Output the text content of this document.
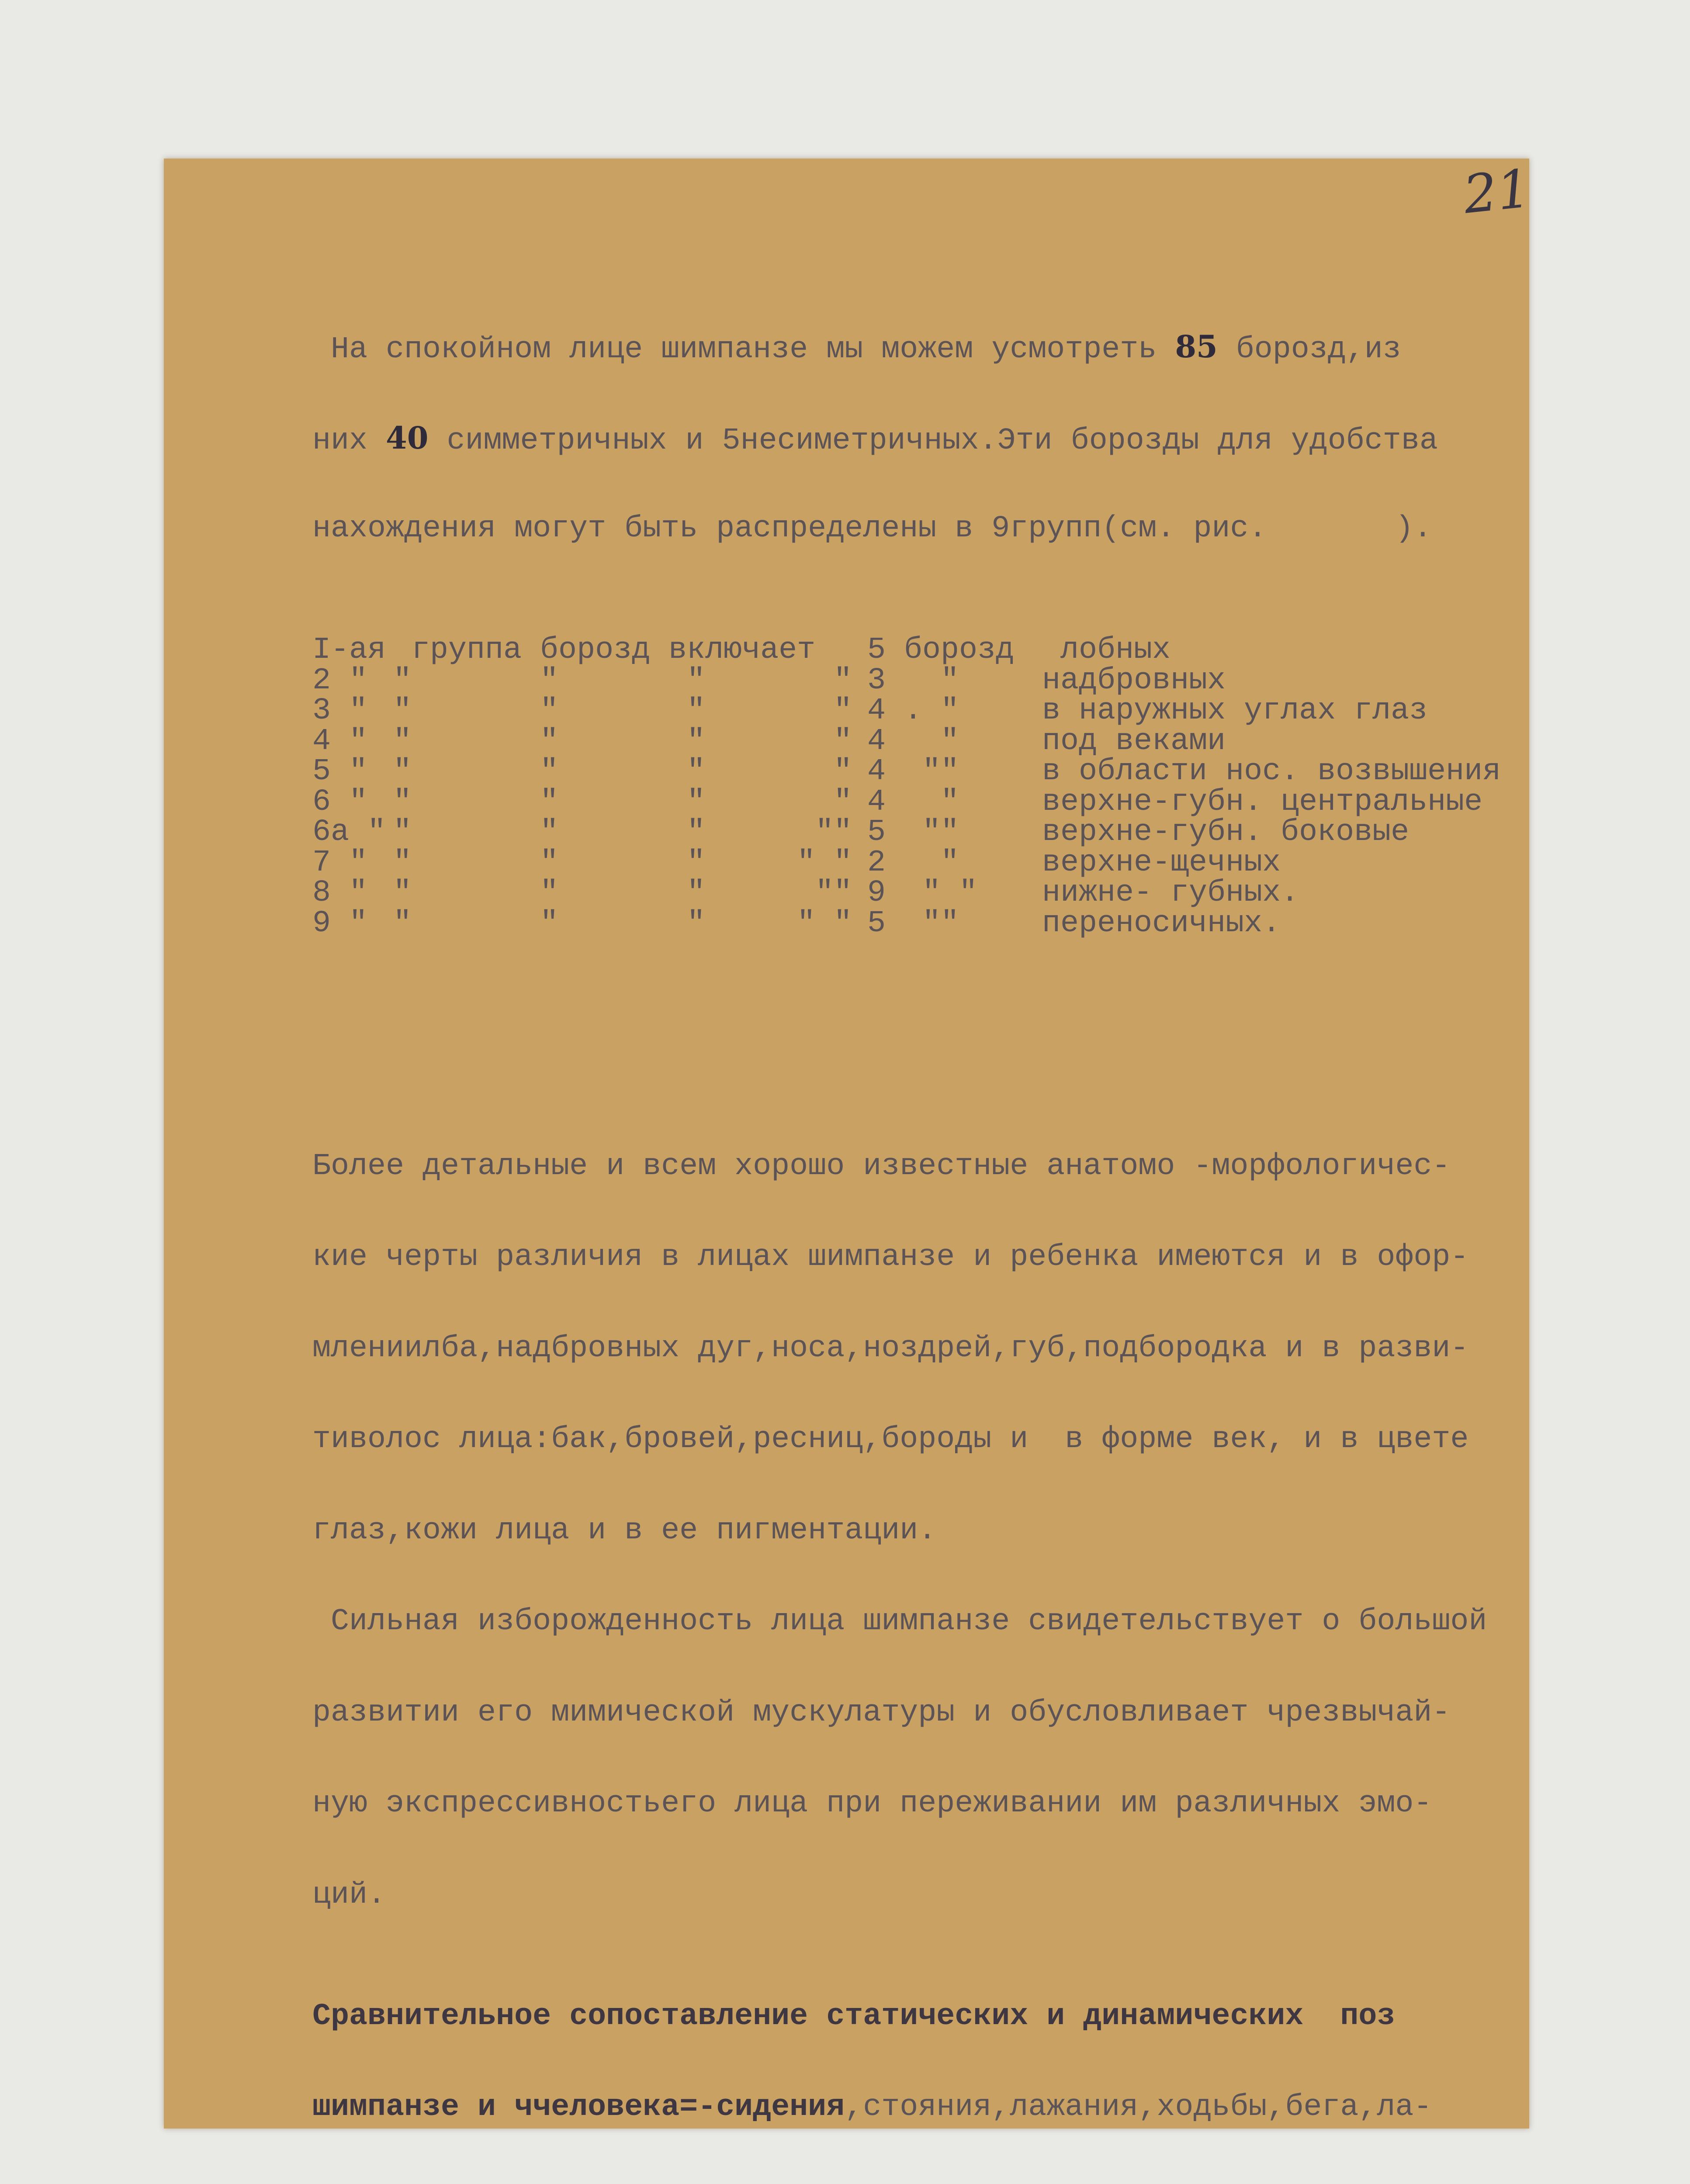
21

На спокойном лице шимпанзе мы можем усмотреть 85 борозд,из

них 40 симметричных и 5несиметричных.Эти борозды для удобства

нахождения могут быть распределены в 9групп(см. рис.       ).

I-ая	группа борозд включает	5 борозд	лобных
2 "	"       "       "       "	3   "	надбровных
3 "	"       "       "       "	4 . "	в наружных углах глаз
4 "	"       "       "       "	4   "	под веками
5 "	"       "       "       "	4  ""	в области нос. возвышения
6 "	"       "       "       "	4   "	верхне-губн. центральные
6а "	"       "       "      ""	5  ""	верхне-губн. боковые
7 "	"       "       "     " "	2   "	верхне-щечных
8 "	"       "       "      ""	9  " "	нижне- губных.
9 "	"       "       "     " "	5  ""	переносичных.

Более детальные и всем хорошо известные анатомо -морфологичес-

кие черты различия в лицах шимпанзе и ребенка имеются и в офор-

млениилба,надбровных дуг,носа,ноздрей,губ,подбородка и в разви-

тиволос лица:бак,бровей,ресниц,бороды и  в форме век, и в цвете

глаз,кожи лица и в ее пигментации.

Сильная изборожденность лица шимпанзе свидетельствует о большой

развитии его мимической мускулатуры и обусловливает чрезвычай-

ную экспрессивностьего лица при переживании им различных эмо-

ций.

Сравнительное сопоставление статических и динамических  поз

шимпанзе и ччеловека=-сидения,стояния,лажания,ходьбы,бега,ла-
